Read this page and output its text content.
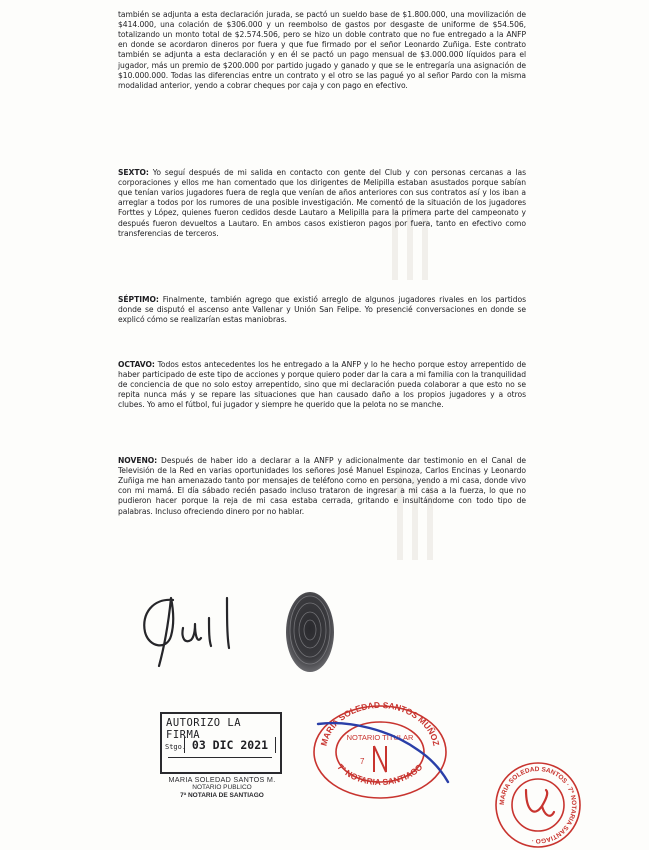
también se adjunta a esta declaración jurada, se pactó un sueldo base de $1.800.000, una movilización de $414.000, una colación de $306.000 y un reembolso de gastos por desgaste de uniforme de $54.506, totalizando un monto total de $2.574.506, pero se hizo un doble contrato que no fue entregado a la ANFP en donde se acordaron dineros por fuera y que fue firmado por el señor Leonardo Zuñiga. Este contrato también se adjunta a esta declaración y en él se pactó un pago mensual de $3.000.000 líquidos para el jugador, más un premio de $200.000 por partido jugado y ganado y que se le entregaría una asignación de $10.000.000. Todas las diferencias entre un contrato y el otro se las pagué yo al señor Pardo con la misma modalidad anterior, yendo a cobrar cheques por caja y con pago en efectivo.

SEXTO: Yo seguí después de mi salida en contacto con gente del Club y con personas cercanas a las corporaciones y ellos me han comentado que los dirigentes de Melipilla estaban asustados porque sabían que tenían varios jugadores fuera de regla que venían de años anteriores con sus contratos así y los iban a arreglar a todos por los rumores de una posible investigación. Me comentó de la situación de los jugadores Forttes y López, quienes fueron cedidos desde Lautaro a Melipilla para la primera parte del campeonato y después fueron devueltos a Lautaro. En ambos casos existieron pagos por fuera, tanto en efectivo como transferencias de terceros.

SÉPTIMO: Finalmente, también agrego que existió arreglo de algunos jugadores rivales en los partidos donde se disputó el ascenso ante Vallenar y Unión San Felipe. Yo presencié conversaciones en donde se explicó cómo se realizarían estas maniobras.

OCTAVO: Todos estos antecedentes los he entregado a la ANFP y lo he hecho porque estoy arrepentido de haber participado de este tipo de acciones y porque quiero poder dar la cara a mi familia con la tranquilidad de conciencia de que no solo estoy arrepentido, sino que mi declaración pueda colaborar a que esto no se repita nunca más y se repare las situaciones que han causado daño a los propios jugadores y a otros clubes. Yo amo el fútbol, fui jugador y siempre he querido que la pelota no se manche.

NOVENO: Después de haber ido a declarar a la ANFP y adicionalmente dar testimonio en el Canal de Televisión de la Red en varias oportunidades los señores José Manuel Espinoza, Carlos Encinas y Leonardo Zuñiga me han amenazado tanto por mensajes de teléfono como en persona, yendo a mi casa, donde vivo con mi mamá. El día sábado recién pasado incluso trataron de ingresar a mi casa a la fuerza, lo que no pudieron hacer porque la reja de mi casa estaba cerrada, gritando e insultándome con todo tipo de palabras. Incluso ofreciendo dinero por no hablar.

AUTORIZO LA FIRMA
Stgo. 03 DIC 2021
MARIA SOLEDAD SANTOS M.
NOTARIO PUBLICO
7ª NOTARIA DE SANTIAGO
MARIA SOLEDAD SANTOS MUÑOZ
7ª NOTARIA SANTIAGO
NOTARIO TITULAR
7
MARIA SOLEDAD SANTOS · 7ª NOTARIA SANTIAGO ·
